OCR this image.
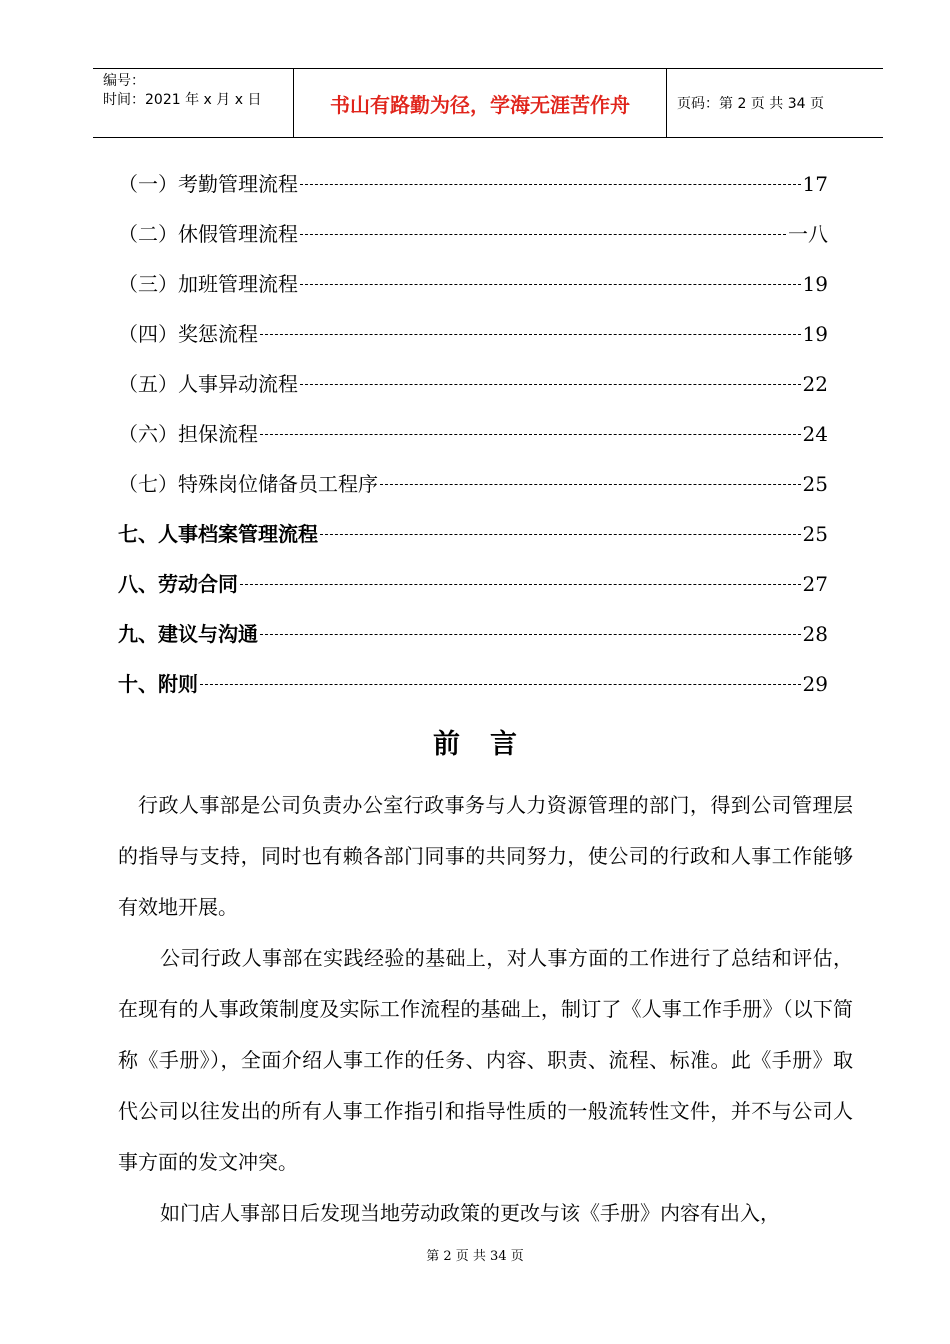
编号：
时间：2021 年 x 月 x 日	书山有路勤为径，学海无涯苦作舟	页码：第 2 页 共 34 页
（一）考勤管理流程	17
（二）休假管理流程	一八
（三）加班管理流程	19
（四）奖惩流程	19
（五）人事异动流程	22
（六）担保流程	24
（七）特殊岗位储备员工程序	25
七、人事档案管理流程	25
八、劳动合同	27
九、建议与沟通	28
十、附则	29
前言

行政人事部是公司负责办公室行政事务与人力资源管理的部门，得到公司管理层的指导与支持，同时也有赖各部门同事的共同努力，使公司的行政和人事工作能够有效地开展。

公司行政人事部在实践经验的基础上，对人事方面的工作进行了总结和评估，在现有的人事政策制度及实际工作流程的基础上，制订了《人事工作手册》（以下简称《手册》），全面介绍人事工作的任务、内容、职责、流程、标准。此《手册》取代公司以往发出的所有人事工作指引和指导性质的一般流转性文件，并不与公司人事方面的发文冲突。

如门店人事部日后发现当地劳动政策的更改与该《手册》内容有出入，

第 2 页 共 34 页
